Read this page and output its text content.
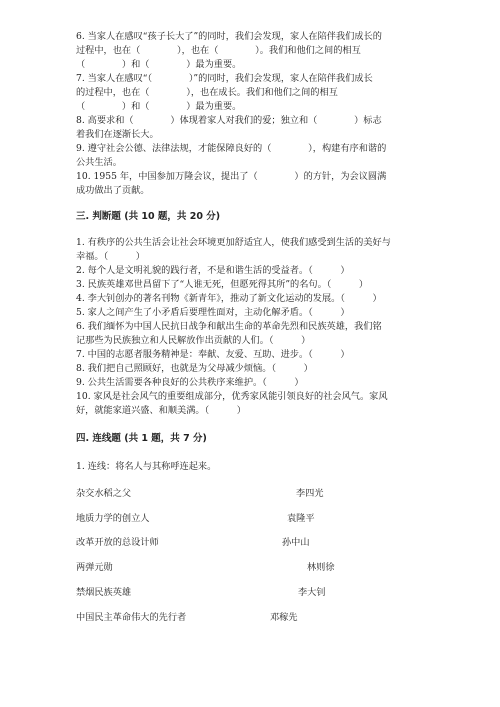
6. 当家人在感叹“孩子长大了”的同时，我们会发现，家人在陪伴我们成长的
过程中，也在（　　　　），也在（　　　　）。我们和他们之间的相互
（　　　　）和（　　　　）最为重要。
7. 当家人在感叹“（　　　　）”的同时，我们会发现，家人在陪伴我们成长
的过程中，也在（　　　　），也在成长。我们和他们之间的相互
（　　　　）和（　　　　）最为重要。
8. 高要求和（　　　　）体现着家人对我们的爱；独立和（　　　　）标志
着我们在逐渐长大。
9. 遵守社会公德、法律法规，才能保障良好的（　　　　），构建有序和谐的
公共生活。
10. 1955 年，中国参加万隆会议，提出了（　　　　）的方针，为会议圆满
成功做出了贡献。
三. 判断题 (共 10 题，共 20 分)
1. 有秩序的公共生活会让社会环境更加舒适宜人，使我们感受到生活的美好与
幸福。（　　　）
2. 每个人是文明礼貌的践行者，不是和谐生活的受益者。（　　　）
3. 民族英雄邓世昌留下了“人谁无死，但愿死得其所”的名句。（　　　）
4. 李大钊创办的著名刊物《新青年》，推动了新文化运动的发展。（　　　）
5. 家人之间产生了小矛盾后要理性面对，主动化解矛盾。（　　　）
6. 我们缅怀为中国人民抗日战争和献出生命的革命先烈和民族英雄，我们铭
记那些为民族独立和人民解放作出贡献的人们。（　　　）
7. 中国的志愿者服务精神是：奉献、友爱、互助、进步。（　　　）
8. 我们把自己照顾好，也就是为父母减少烦恼。（　　　）
9. 公共生活需要各种良好的公共秩序来维护。（　　　）
10. 家风是社会风气的重要组成部分，优秀家风能引领良好的社会风气。家风
好，就能家道兴盛、和顺美满。（　　　）
四. 连线题 (共 1 题，共 7 分)
1. 连线：将名人与其称呼连起来。
杂交水稻之父	李四光
地质力学的创立人	袁隆平
改革开放的总设计师	孙中山
两弹元勋	林则徐
禁烟民族英雄	李大钊
中国民主革命伟大的先行者	邓稼先
